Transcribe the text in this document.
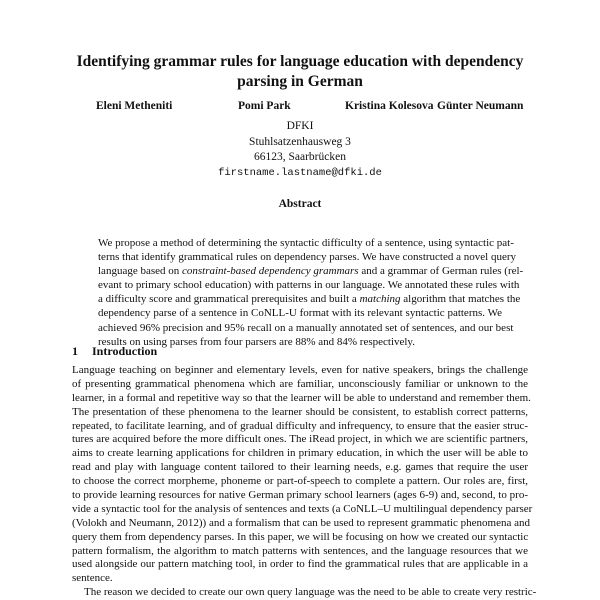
Identifying grammar rules for language education with dependency
parsing in German
Eleni Metheniti	Pomi Park	Kristina Kolesova Günter Neumann
DFKI
Stuhlsatzenhausweg 3
66123, Saarbrücken
firstname.lastname@dfki.de
Abstract
We propose a method of determining the syntactic difficulty of a sentence, using syntactic pat-
terns that identify grammatical rules on dependency parses. We have constructed a novel query
language based on constraint-based dependency grammars and a grammar of German rules (rel-
evant to primary school education) with patterns in our language. We annotated these rules with
a difficulty score and grammatical prerequisites and built a matching algorithm that matches the
dependency parse of a sentence in CoNLL-U format with its relevant syntactic patterns. We
achieved 96% precision and 95% recall on a manually annotated set of sentences, and our best
results on using parses from four parsers are 88% and 84% respectively.
1 Introduction
Language teaching on beginner and elementary levels, even for native speakers, brings the challenge
of presenting grammatical phenomena which are familiar, unconsciously familiar or unknown to the
learner, in a formal and repetitive way so that the learner will be able to understand and remember them.
The presentation of these phenomena to the learner should be consistent, to establish correct patterns,
repeated, to facilitate learning, and of gradual difficulty and infrequency, to ensure that the easier struc-
tures are acquired before the more difficult ones. The iRead project, in which we are scientific partners,
aims to create learning applications for children in primary education, in which the user will be able to
read and play with language content tailored to their learning needs, e.g. games that require the user
to choose the correct morpheme, phoneme or part-of-speech to complete a pattern. Our roles are, first,
to provide learning resources for native German primary school learners (ages 6-9) and, second, to pro-
vide a syntactic tool for the analysis of sentences and texts (a CoNLL–U multilingual dependency parser
(Volokh and Neumann, 2012)) and a formalism that can be used to represent grammatic phenomena and
query them from dependency parses. In this paper, we will be focusing on how we created our syntactic
pattern formalism, the algorithm to match patterns with sentences, and the language resources that we
used alongside our pattern matching tool, in order to find the grammatical rules that are applicable in a
sentence.
The reason we decided to create our own query language was the need to be able to create very restric-
